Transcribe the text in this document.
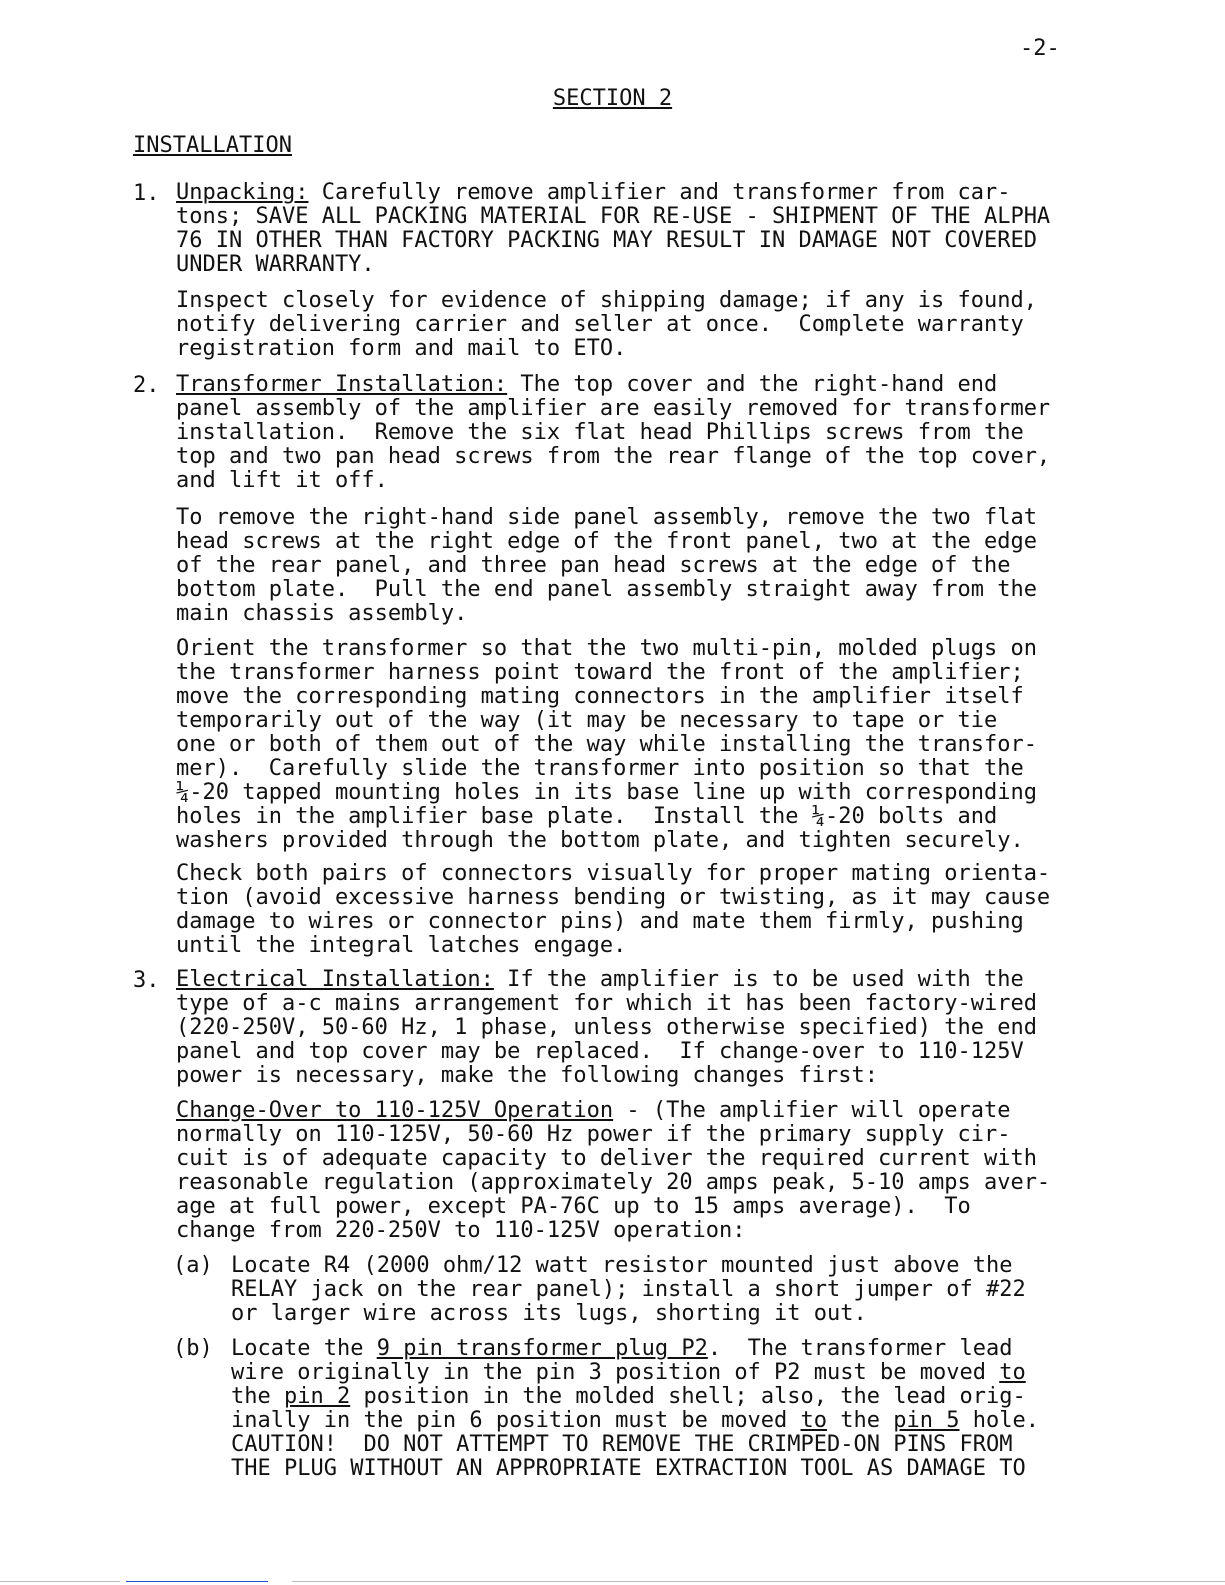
-2-
SECTION 2
INSTALLATION
1. Unpacking: Carefully remove amplifier and transformer from car-
tons; SAVE ALL PACKING MATERIAL FOR RE-USE - SHIPMENT OF THE ALPHA
76 IN OTHER THAN FACTORY PACKING MAY RESULT IN DAMAGE NOT COVERED
UNDER WARRANTY.
Inspect closely for evidence of shipping damage; if any is found,
notify delivering carrier and seller at once.  Complete warranty
registration form and mail to ETO.
2. Transformer Installation: The top cover and the right-hand end
panel assembly of the amplifier are easily removed for transformer
installation.  Remove the six flat head Phillips screws from the
top and two pan head screws from the rear flange of the top cover,
and lift it off.
To remove the right-hand side panel assembly, remove the two flat
head screws at the right edge of the front panel, two at the edge
of the rear panel, and three pan head screws at the edge of the
bottom plate.  Pull the end panel assembly straight away from the
main chassis assembly.
Orient the transformer so that the two multi-pin, molded plugs on
the transformer harness point toward the front of the amplifier;
move the corresponding mating connectors in the amplifier itself
temporarily out of the way (it may be necessary to tape or tie
one or both of them out of the way while installing the transfor-
mer).  Carefully slide the transformer into position so that the
¼-20 tapped mounting holes in its base line up with corresponding
holes in the amplifier base plate.  Install the ¼-20 bolts and
washers provided through the bottom plate, and tighten securely.
Check both pairs of connectors visually for proper mating orienta-
tion (avoid excessive harness bending or twisting, as it may cause
damage to wires or connector pins) and mate them firmly, pushing
until the integral latches engage.
3. Electrical Installation: If the amplifier is to be used with the
type of a-c mains arrangement for which it has been factory-wired
(220-250V, 50-60 Hz, 1 phase, unless otherwise specified) the end
panel and top cover may be replaced.  If change-over to 110-125V
power is necessary, make the following changes first:
Change-Over to 110-125V Operation - (The amplifier will operate
normally on 110-125V, 50-60 Hz power if the primary supply cir-
cuit is of adequate capacity to deliver the required current with
reasonable regulation (approximately 20 amps peak, 5-10 amps aver-
age at full power, except PA-76C up to 15 amps average).  To
change from 220-250V to 110-125V operation:
(a) Locate R4 (2000 ohm/12 watt resistor mounted just above the
RELAY jack on the rear panel); install a short jumper of #22
or larger wire across its lugs, shorting it out.
(b) Locate the 9 pin transformer plug P2.  The transformer lead
wire originally in the pin 3 position of P2 must be moved to
the pin 2 position in the molded shell; also, the lead orig-
inally in the pin 6 position must be moved to the pin 5 hole.
CAUTION!  DO NOT ATTEMPT TO REMOVE THE CRIMPED-ON PINS FROM
THE PLUG WITHOUT AN APPROPRIATE EXTRACTION TOOL AS DAMAGE TO
